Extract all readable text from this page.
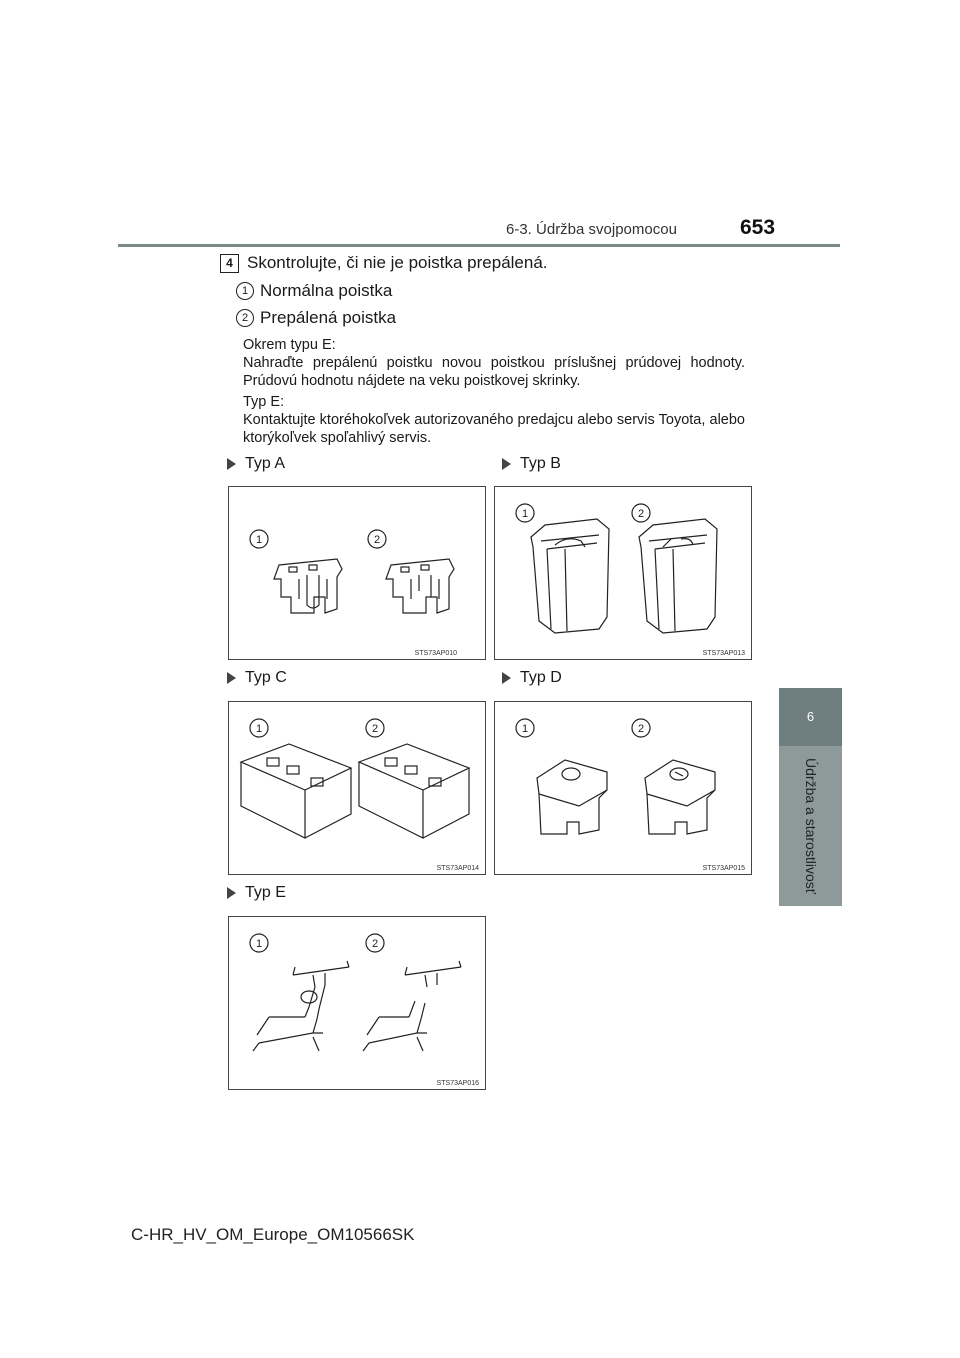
6-3. Údržba svojpomocou	653
6
Údržba a starostlivosť
4 Skontrolujte, či nie je poistka prepálená.
1 Normálna poistka
2 Prepálená poistka
Okrem typu E:
Nahraďte prepálenú poistku novou poistkou príslušnej prúdovej hodnoty. Prúdovú hodnotu nájdete na veku poistkovej skrinky.
Typ E:
Kontaktujte ktoréhokoľvek autorizovaného predajcu alebo servis Toyota, alebo ktorýkoľvek spoľahlivý servis.
Typ A	Typ B
Typ C	Typ D
Typ E
1	2
STS73AP010
1	2
STS73AP013
1	2
STS73AP014
1	2
STS73AP015
1	2
STS73AP016
C-HR_HV_OM_Europe_OM10566SK
